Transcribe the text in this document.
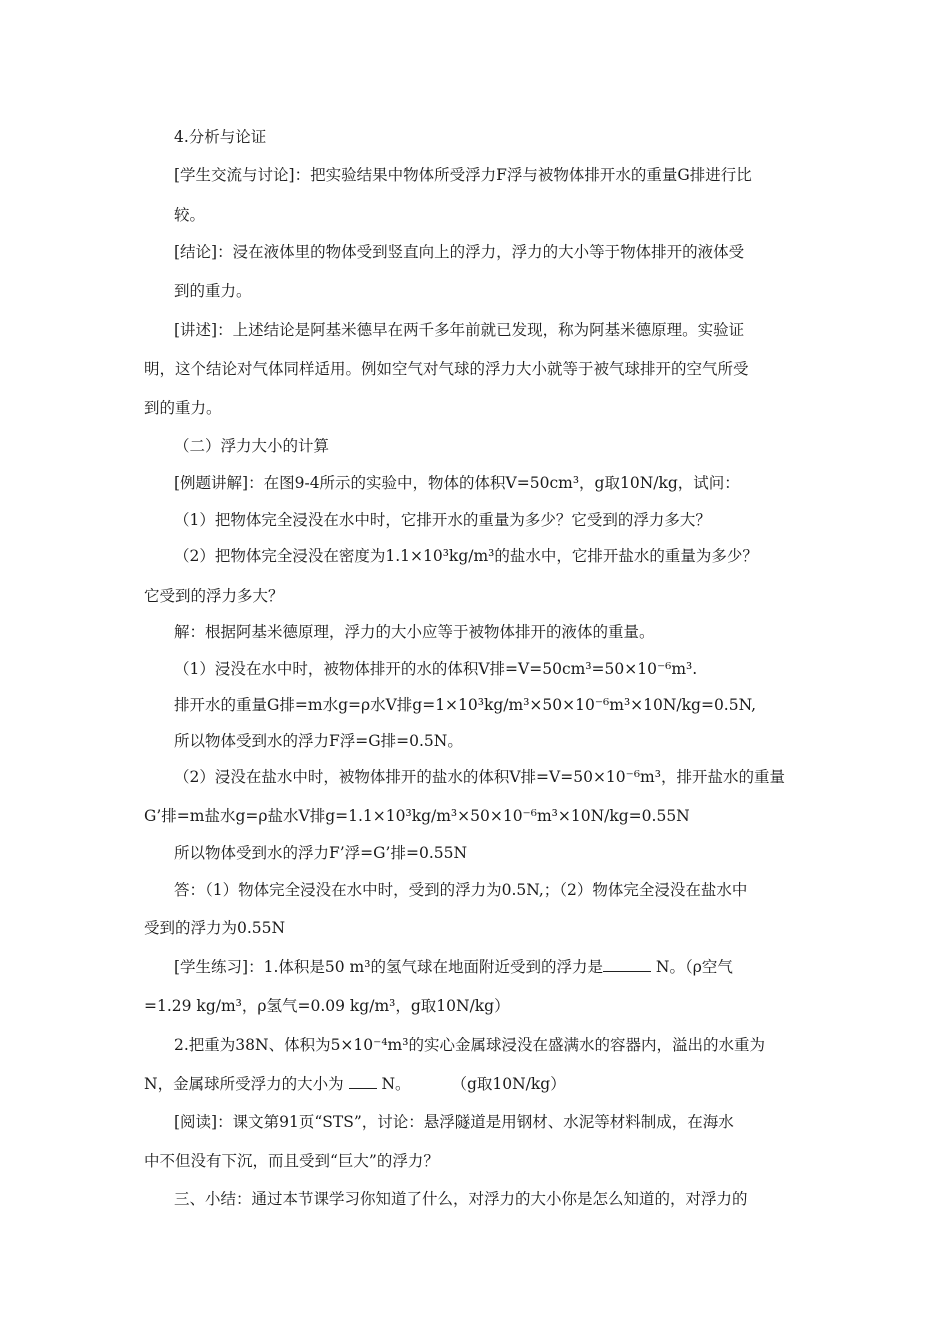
4.分析与论证
[学生交流与讨论]：把实验结果中物体所受浮力F浮与被物体排开水的重量G排进行比
较。
[结论]：浸在液体里的物体受到竖直向上的浮力，浮力的大小等于物体排开的液体受
到的重力。
[讲述]：上述结论是阿基米德早在两千多年前就已发现，称为阿基米德原理。实验证
明，这个结论对气体同样适用。例如空气对气球的浮力大小就等于被气球排开的空气所受
到的重力。
（二）浮力大小的计算
[例题讲解]：在图9-4所示的实验中，物体的体积V=50cm³，g取10N/kg，试问：
（1）把物体完全浸没在水中时，它排开水的重量为多少？它受到的浮力多大？
（2）把物体完全浸没在密度为1.1×10³kg/m³的盐水中，它排开盐水的重量为多少？
它受到的浮力多大？
解：根据阿基米德原理，浮力的大小应等于被物体排开的液体的重量。
（1）浸没在水中时，被物体排开的水的体积V排=V=50cm³=50×10⁻⁶m³.
排开水的重量G排=m水g=ρ水V排g=1×10³kg/m³×50×10⁻⁶m³×10N/kg=0.5N,
所以物体受到水的浮力F浮=G排=0.5N。
（2）浸没在盐水中时，被物体排开的盐水的体积V排=V=50×10⁻⁶m³，排开盐水的重量
G’排=m盐水g=ρ盐水V排g=1.1×10³kg/m³×50×10⁻⁶m³×10N/kg=0.55N
所以物体受到水的浮力F’浮=G’排=0.55N
答：（1）物体完全浸没在水中时，受到的浮力为0.5N,；（2）物体完全浸没在盐水中
受到的浮力为0.55N
[学生练习]：1.体积是50 m³的氢气球在地面附近受到的浮力是	N。（ρ空气
=1.29 kg/m³，ρ氢气=0.09 kg/m³，g取10N/kg）
2.把重为38N、体积为5×10⁻⁴m³的实心金属球浸没在盛满水的容器内，溢出的水重为
N，金属球所受浮力的大小为 N。	（g取10N/kg）
[阅读]：课文第91页“STS”，讨论：悬浮隧道是用钢材、水泥等材料制成，在海水
中不但没有下沉，而且受到“巨大”的浮力？
三、小结：通过本节课学习你知道了什么，对浮力的大小你是怎么知道的，对浮力的
